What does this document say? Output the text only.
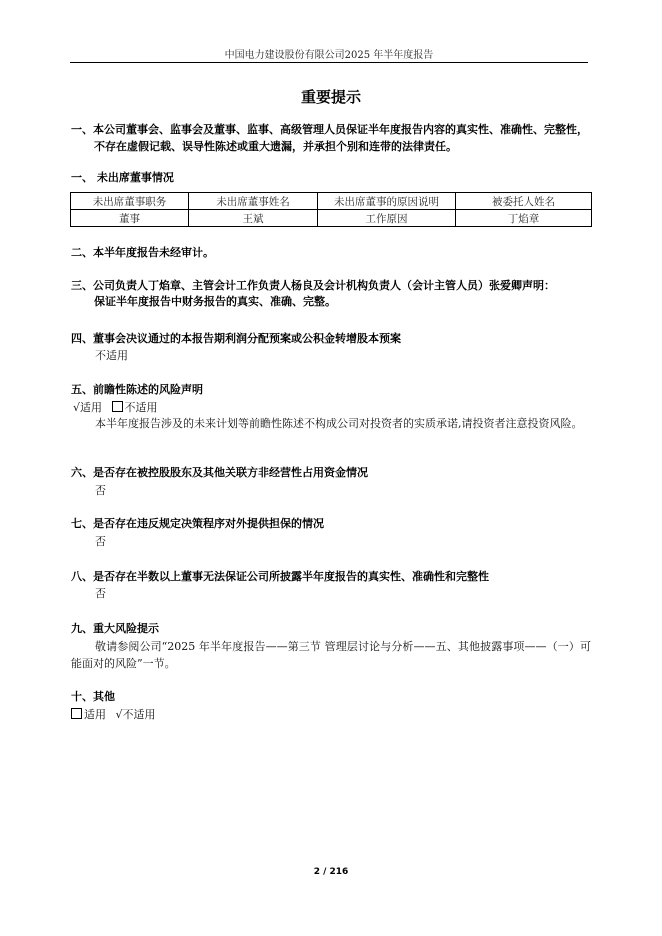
中国电力建设股份有限公司2025 年半年度报告
重要提示
一、本公司董事会、监事会及董事、监事、高级管理人员保证半年度报告内容的真实性、准确性、完整性，不存在虚假记载、误导性陈述或重大遗漏，并承担个别和连带的法律责任。
一、 未出席董事情况
未出席董事职务	未出席董事姓名	未出席董事的原因说明	被委托人姓名
董事	王斌	工作原因	丁焰章
二、本半年度报告未经审计。
三、公司负责人丁焰章、主管会计工作负责人杨良及会计机构负责人（会计主管人员）张爱卿声明：
保证半年度报告中财务报告的真实、准确、完整。
四、董事会决议通过的本报告期利润分配预案或公积金转增股本预案
不适用
五、前瞻性陈述的风险声明
√适用 不适用
本半年度报告涉及的未来计划等前瞻性陈述不构成公司对投资者的实质承诺,请投资者注意投资风险。
六、是否存在被控股股东及其他关联方非经营性占用资金情况
否
七、是否存在违反规定决策程序对外提供担保的情况
否
八、是否存在半数以上董事无法保证公司所披露半年度报告的真实性、准确性和完整性
否
九、重大风险提示
敬请参阅公司“2025 年半年度报告——第三节 管理层讨论与分析——五、其他披露事项——（一）可能面对的风险”一节。
十、其他
适用 √不适用
2 / 216
